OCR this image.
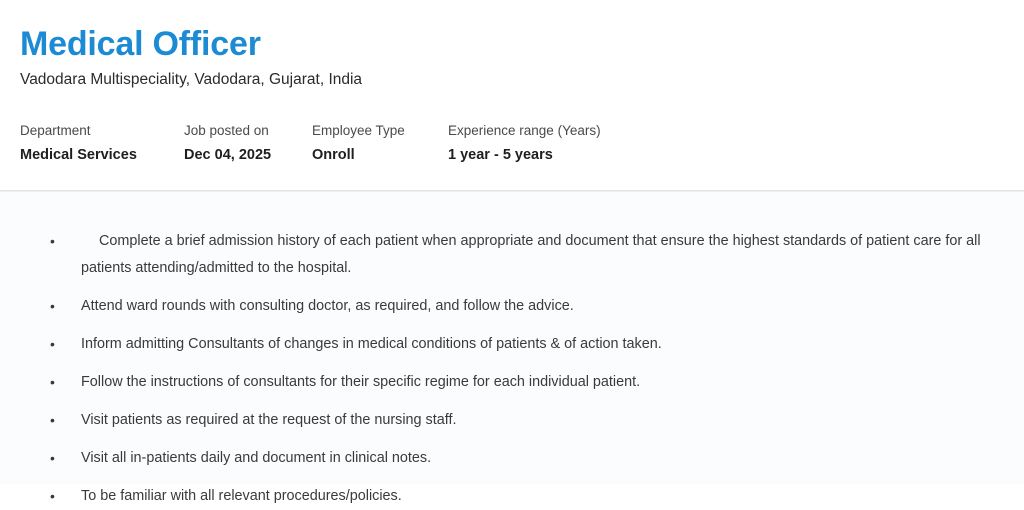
Medical Officer

Vadodara Multispeciality, Vadodara, Gujarat, India

Department
Medical Services
Job posted on
Dec 04, 2025
Employee Type
Onroll
Experience range (Years)
1 year - 5 years
•	Complete a brief admission history of each patient when appropriate and document that ensure the highest standards of patient care for all patients attending/admitted to the hospital.
• Attend ward rounds with consulting doctor, as required, and follow the advice.
• Inform admitting Consultants of changes in medical conditions of patients & of action taken.
• Follow the instructions of consultants for their specific regime for each individual patient.
• Visit patients as required at the request of the nursing staff.
• Visit all in-patients daily and document in clinical notes.
• To be familiar with all relevant procedures/policies.
